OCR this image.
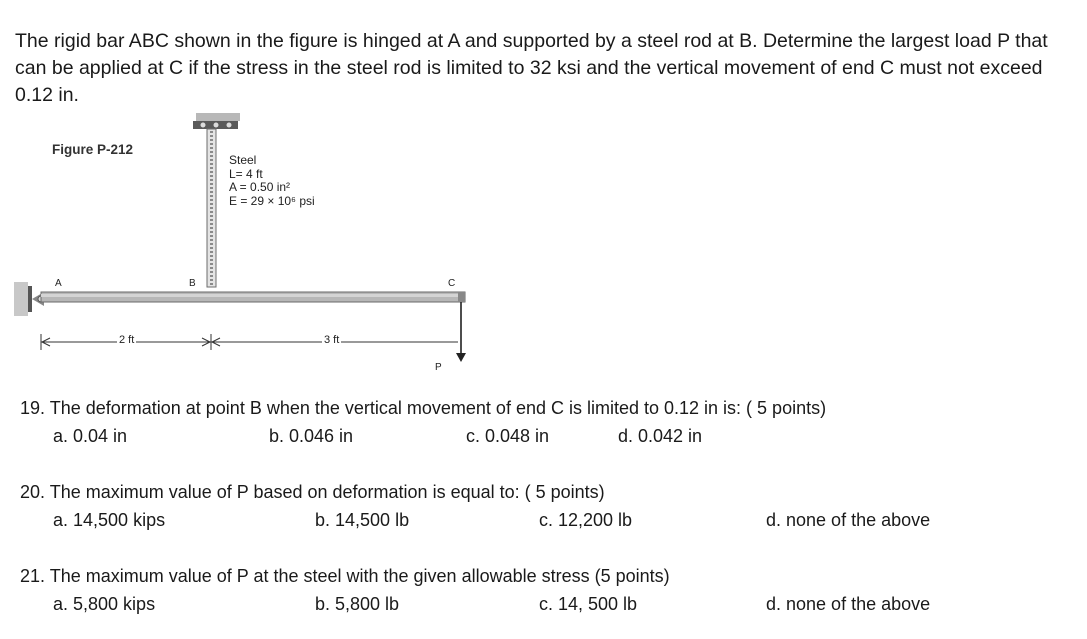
The rigid bar ABC shown in the figure is hinged at A and supported by a steel rod at B. Determine the largest load P that can be applied at C if the stress in the steel rod is limited to 32 ksi and the vertical movement of end C must not exceed 0.12 in.

Figure P-212
Steel
L= 4 ft
A = 0.50 in²
E = 29 × 10⁶ psi
A	B	C
P
2 ft	3 ft
19. The deformation at point B when the vertical movement of end C is limited to 0.12 in is: ( 5 points)
a. 0.04 in	b. 0.046 in	c. 0.048 in	d. 0.042 in
20. The maximum value of P based on deformation is equal to: ( 5 points)
a. 14,500 kips	b. 14,500 lb	c. 12,200 lb	d. none of the above
21. The maximum value of P at the steel with the given allowable stress (5 points)
a. 5,800 kips	b. 5,800 lb	c. 14, 500 lb	d. none of the above
